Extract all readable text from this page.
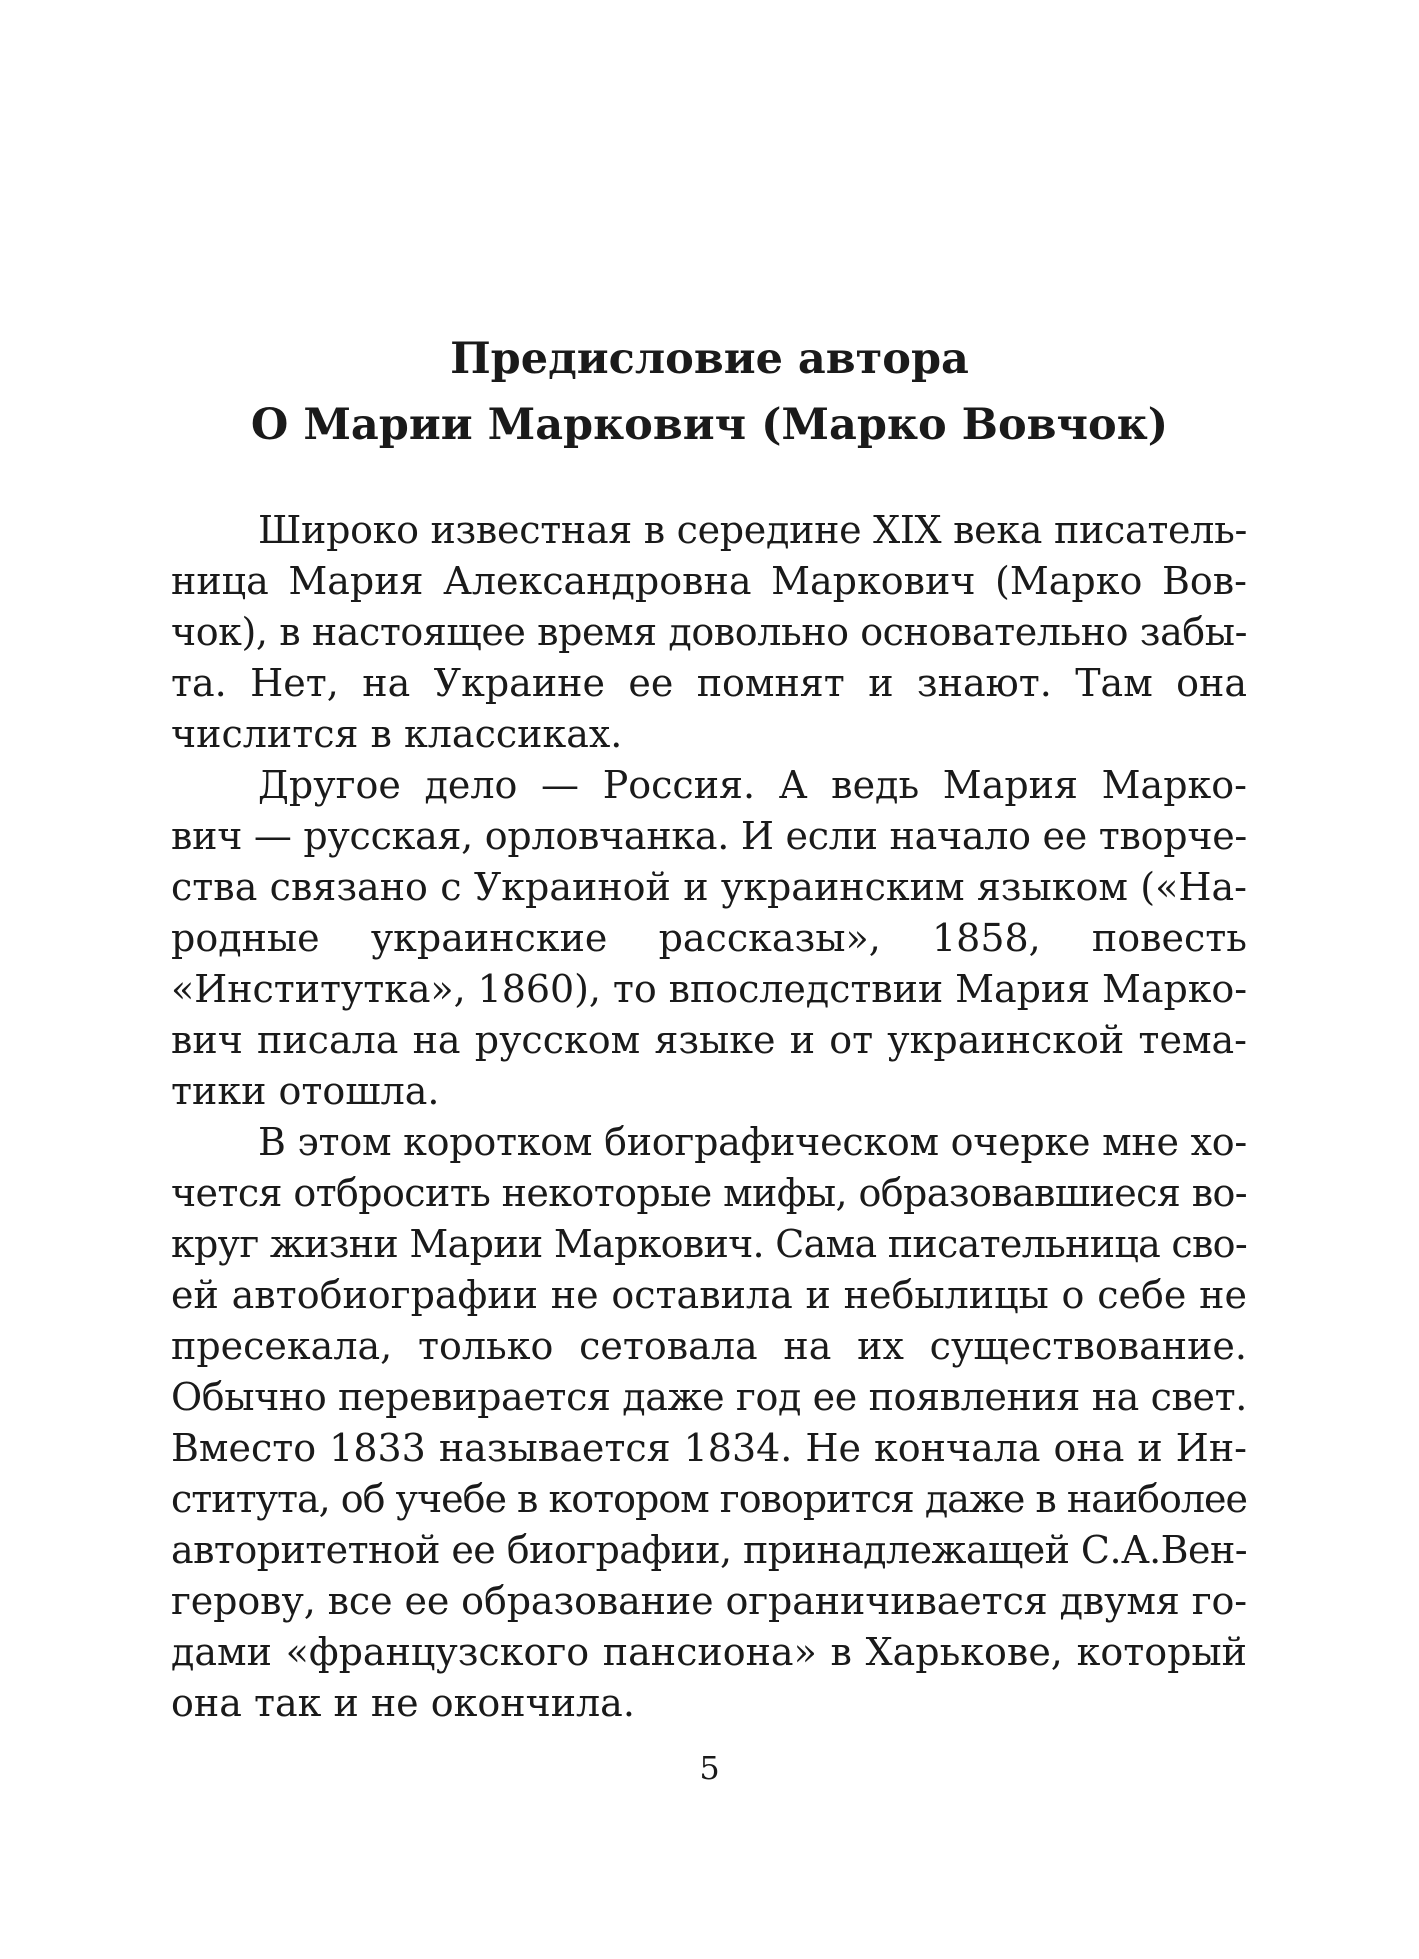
Предисловие автора
О Марии Маркович (Марко Вовчок)
Широко известная в середине XIX века писатель-
ница Мария Александровна Маркович (Марко Вов-
чок), в настоящее время довольно основательно забы-
та. Нет, на Украине ее помнят и знают. Там она
числится в классиках.
Другое дело — Россия. А ведь Мария Марко-
вич — русская, орловчанка. И если начало ее творче-
ства связано с Украиной и украинским языком («На-
родные украинские рассказы», 1858, повесть
«Институтка», 1860), то впоследствии Мария Марко-
вич писала на русском языке и от украинской тема-
тики отошла.
В этом коротком биографическом очерке мне хо-
чется отбросить некоторые мифы, образовавшиеся во-
круг жизни Марии Маркович. Сама писательница сво-
ей автобиографии не оставила и небылицы о себе не
пресекала, только сетовала на их существование.
Обычно перевирается даже год ее появления на свет.
Вместо 1833 называется 1834. Не кончала она и Ин-
ститута, об учебе в котором говорится даже в наиболее
авторитетной ее биографии, принадлежащей С.А.Вен-
герову, все ее образование ограничивается двумя го-
дами «французского пансиона» в Харькове, который
она так и не окончила.
5
